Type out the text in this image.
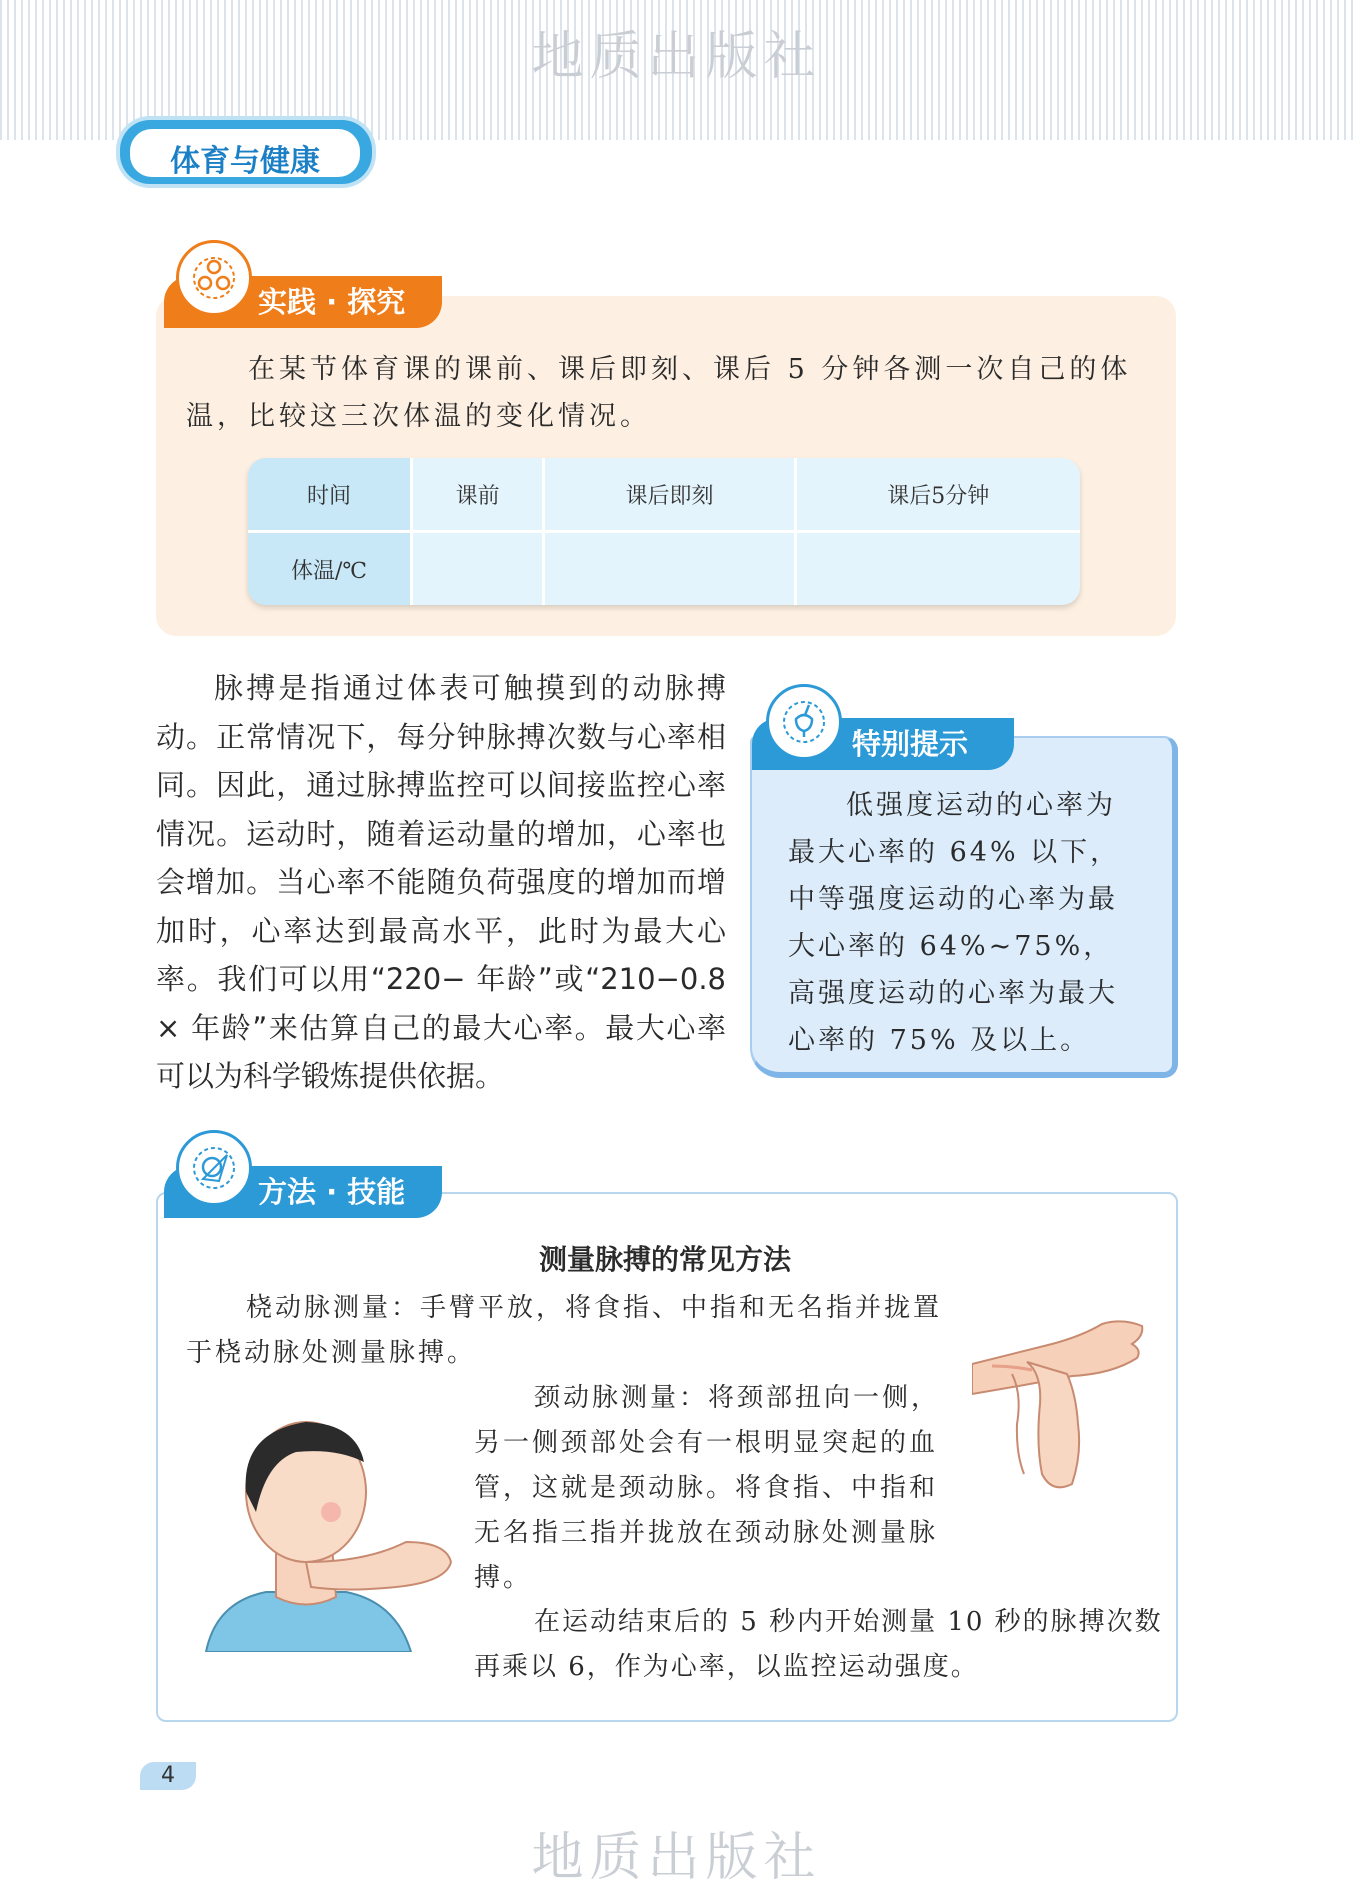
地质出版社
体育与健康
实践 · 探究
在某节体育课的课前、课后即刻、课后 5 分钟各测一次自己的体温，比较这三次体温的变化情况。
时间	课前	课后即刻	课后5分钟
体温/℃			
脉搏是指通过体表可触摸到的动脉搏动。正常情况下，每分钟脉搏次数与心率相同。因此，通过脉搏监控可以间接监控心率情况。运动时，随着运动量的增加，心率也会增加。当心率不能随负荷强度的增加而增加时，心率达到最高水平，此时为最大心率。我们可以用“220− 年龄”或“210−0.8 × 年龄”来估算自己的最大心率。最大心率可以为科学锻炼提供依据。
特别提示
低强度运动的心率为最大心率的 64% 以下，中等强度运动的心率为最大心率的 64%~75%，高强度运动的心率为最大心率的 75% 及以上。
方法 · 技能
测量脉搏的常见方法
桡动脉测量：手臂平放，将食指、中指和无名指并拢置于桡动脉处测量脉搏。
颈动脉测量：将颈部扭向一侧，另一侧颈部处会有一根明显突起的血管，这就是颈动脉。将食指、中指和无名指三指并拢放在颈动脉处测量脉搏。
在运动结束后的 5 秒内开始测量 10 秒的脉搏次数再乘以 6，作为心率，以监控运动强度。
4
地质出版社
